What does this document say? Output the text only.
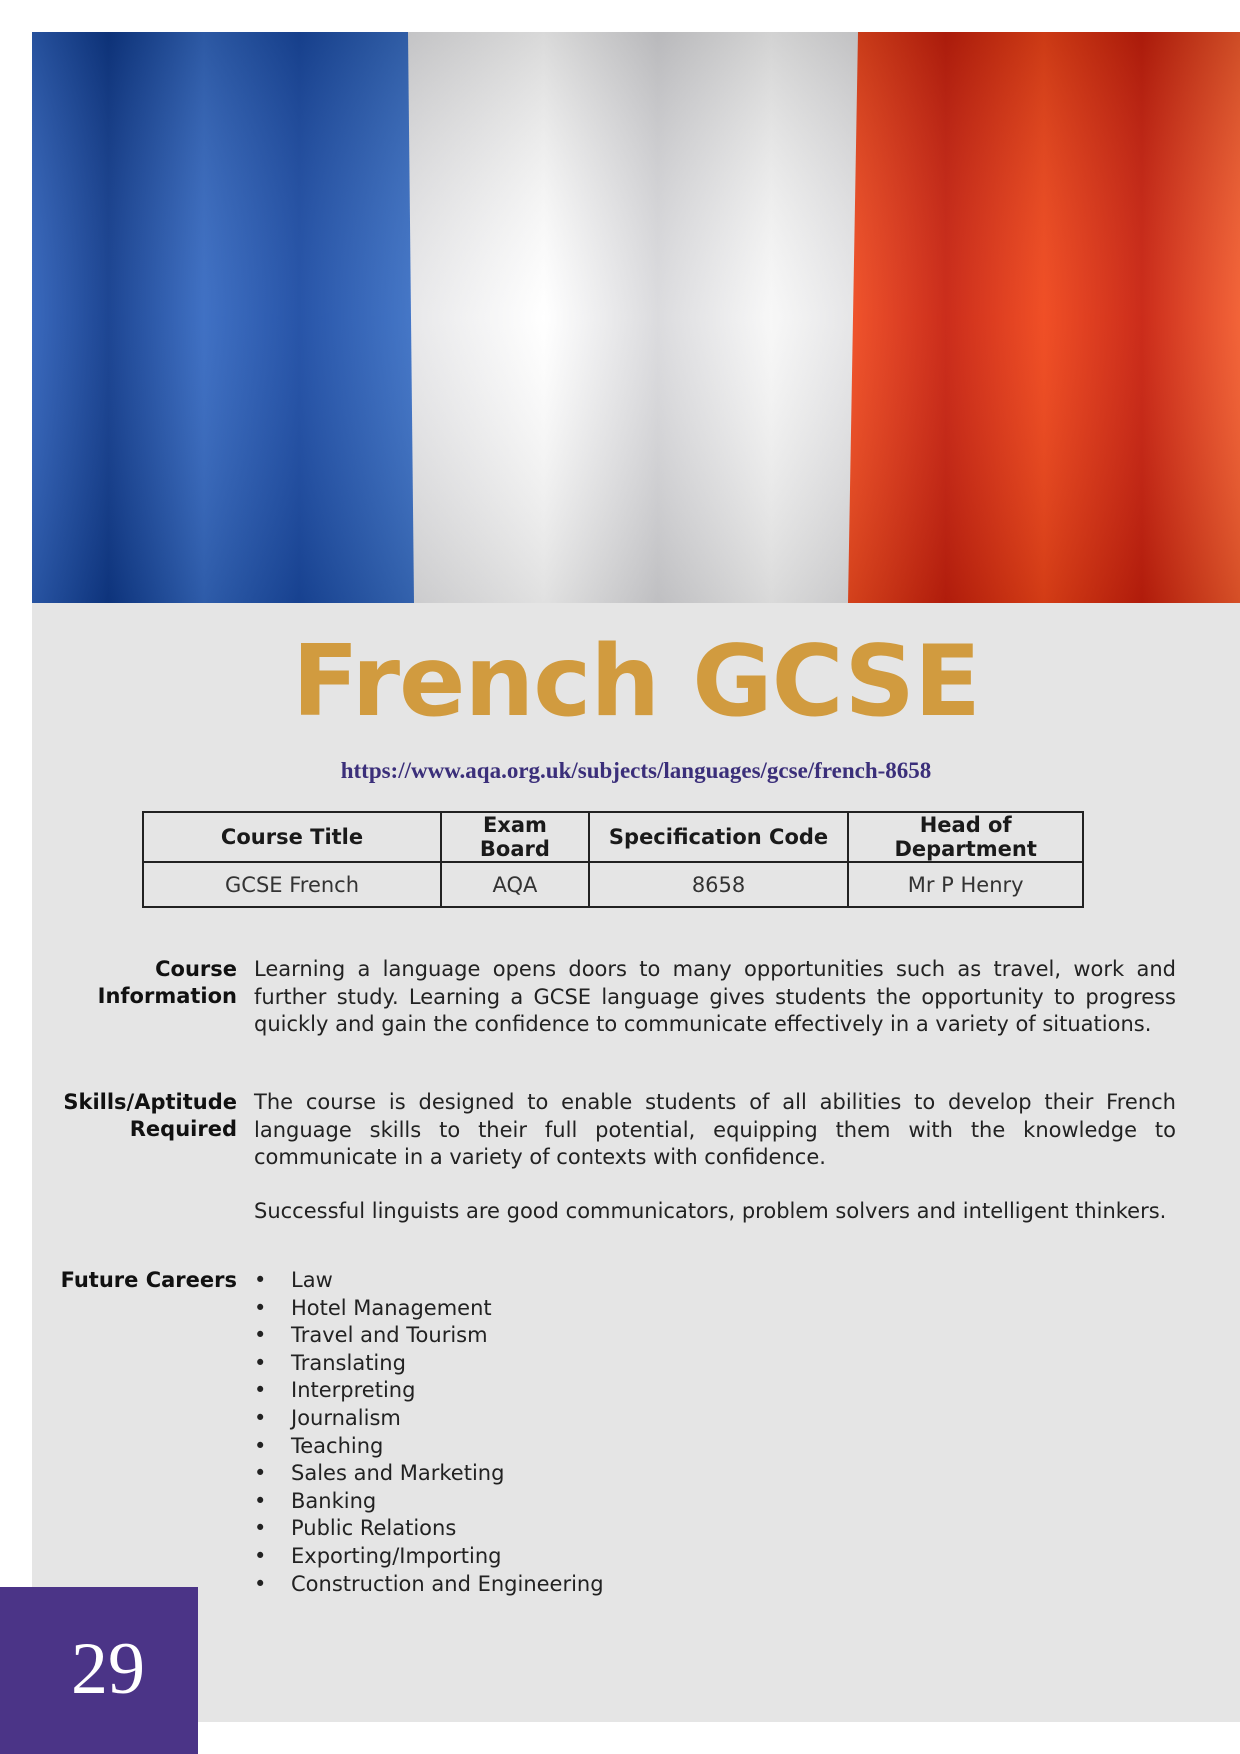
French GCSE
https://www.aqa.org.uk/subjects/languages/gcse/french-8658
Course Title	Exam Board	Specification Code	Head of Department
GCSE French	AQA	8658	Mr P Henry
Course
Information
Learning a language opens doors to many opportunities such as travel, work and further study. Learning a GCSE language gives students the opportunity to progress quickly and gain the confidence to communicate effectively in a variety of situations.
Skills/Aptitude
Required
The course is designed to enable students of all abilities to develop their French language skills to their full potential, equipping them with the knowledge to communicate in a variety of contexts with confidence.
Successful linguists are good communicators, problem solvers and intelligent thinkers.
Future Careers • Law
• Hotel Management
• Travel and Tourism
• Translating
• Interpreting
• Journalism
• Teaching
• Sales and Marketing
• Banking
• Public Relations
• Exporting/Importing
• Construction and Engineering
29
